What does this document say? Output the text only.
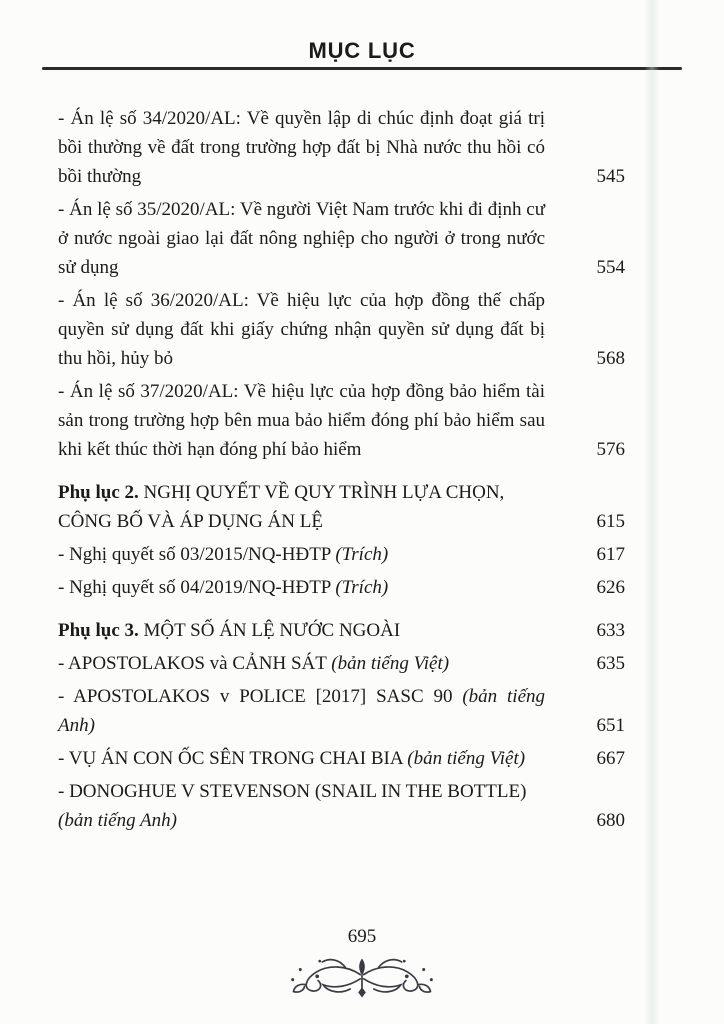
MỤC LỤC
- Án lệ số 34/2020/AL: Về quyền lập di chúc định đoạt giá trị bồi thường về đất trong trường hợp đất bị Nhà nước thu hồi có bồi thường	545
- Án lệ số 35/2020/AL: Về người Việt Nam trước khi đi định cư ở nước ngoài giao lại đất nông nghiệp cho người ở trong nước sử dụng	554
- Án lệ số 36/2020/AL: Về hiệu lực của hợp đồng thế chấp quyền sử dụng đất khi giấy chứng nhận quyền sử dụng đất bị thu hồi, hủy bỏ	568
- Án lệ số 37/2020/AL: Về hiệu lực của hợp đồng bảo hiểm tài sản trong trường hợp bên mua bảo hiểm đóng phí bảo hiểm sau khi kết thúc thời hạn đóng phí bảo hiểm	576
Phụ lục 2. NGHỊ QUYẾT VỀ QUY TRÌNH LỰA CHỌN,
CÔNG BỐ VÀ ÁP DỤNG ÁN LỆ	615
- Nghị quyết số 03/2015/NQ-HĐTP (Trích)	617
- Nghị quyết số 04/2019/NQ-HĐTP (Trích)	626
Phụ lục 3. MỘT SỐ ÁN LỆ NƯỚC NGOÀI	633
- APOSTOLAKOS và CẢNH SÁT (bản tiếng Việt)	635
- APOSTOLAKOS v POLICE [2017] SASC 90 (bản tiếng Anh)	651
- VỤ ÁN CON ỐC SÊN TRONG CHAI BIA (bản tiếng Việt)	667
- DONOGHUE V STEVENSON (SNAIL IN THE BOTTLE)
(bản tiếng Anh)	680
695
